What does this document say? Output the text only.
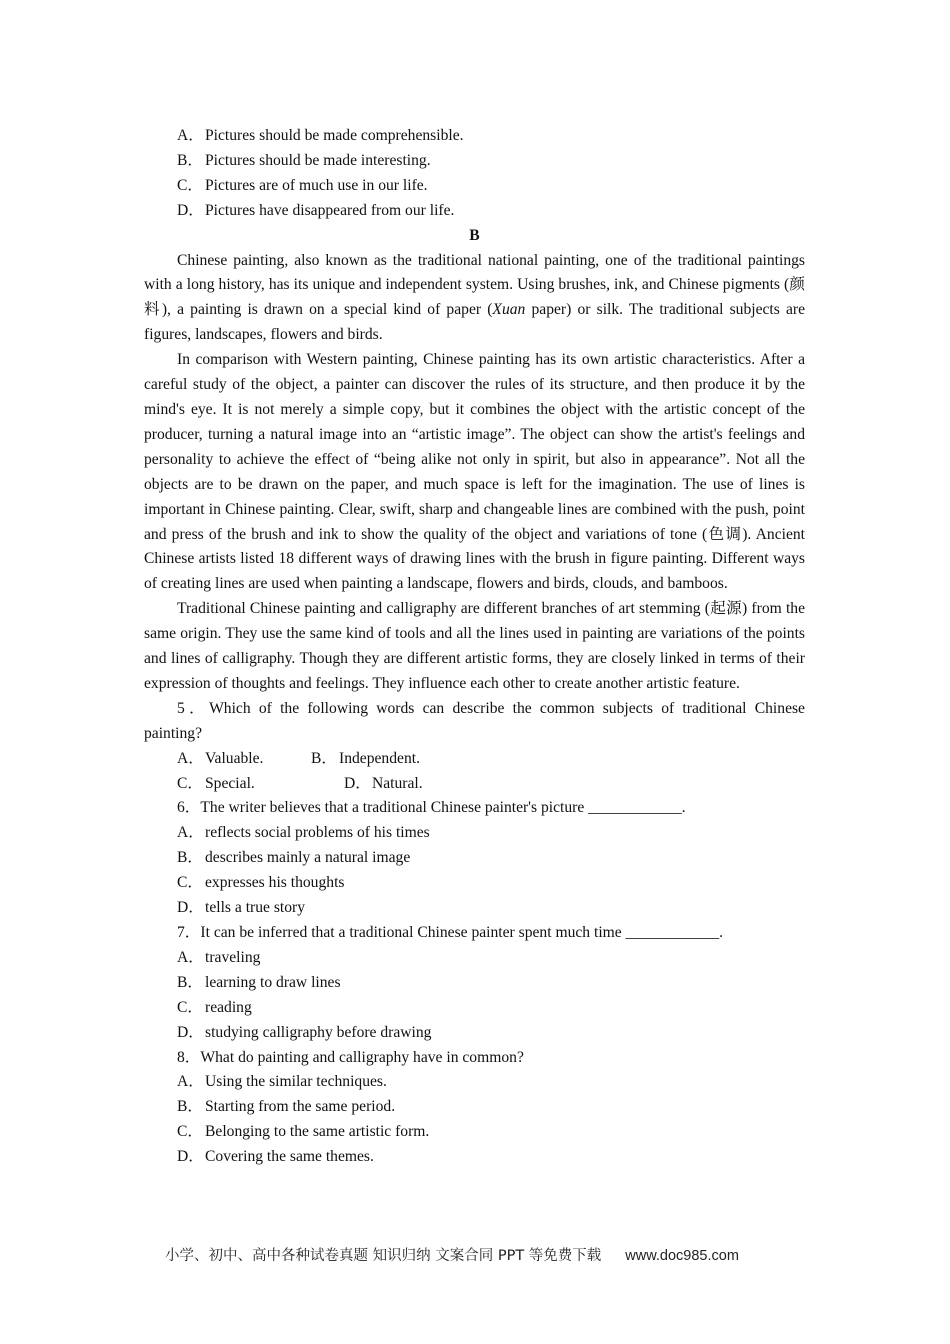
A．Pictures should be made comprehensible.
B． Pictures should be made interesting.
C． Pictures are of much use in our life.
D．Pictures have disappeared from our life.
B

Chinese painting, also known as the traditional national painting, one of the traditional paintings with a long history, has its unique and independent system. Using brushes, ink, and Chinese pigments (颜料), a painting is drawn on a special kind of paper (Xuan paper) or silk. The traditional subjects are figures, landscapes, flowers and birds.

In comparison with Western painting, Chinese painting has its own artistic characteristics. After a careful study of the object, a painter can discover the rules of its structure, and then produce it by the mind's eye. It is not merely a simple copy, but it combines the object with the artistic concept of the producer, turning a natural image into an “artistic image”. The object can show the artist's feelings and personality to achieve the effect of “being alike not only in spirit, but also in appearance”. Not all the objects are to be drawn on the paper, and much space is left for the imagination. The use of lines is important in Chinese painting. Clear, swift, sharp and changeable lines are combined with the push, point and press of the brush and ink to show the quality of the object and variations of tone (色调). Ancient Chinese artists listed 18 different ways of drawing lines with the brush in figure painting. Different ways of creating lines are used when painting a landscape, flowers and birds, clouds, and bamboos.

Traditional Chinese painting and calligraphy are different branches of art stemming (起源) from the same origin. They use the same kind of tools and all the lines used in painting are variations of the points and lines of calligraphy. Though they are different artistic forms, they are closely linked in terms of their expression of thoughts and feelings. They influence each other to create another artistic feature.

5．Which of the following words can describe the common subjects of traditional Chinese painting?

A．Valuable.	B． Independent.
C． Special.	D．Natural.
6．The writer believes that a traditional Chinese painter's picture ____________.
A．reflects social problems of his times
B． describes mainly a natural image
C． expresses his thoughts
D．tells a true story
7．It can be inferred that a traditional Chinese painter spent much time ____________.
A．traveling
B． learning to draw lines
C． reading
D．studying calligraphy before drawing
8．What do painting and calligraphy have in common?
A．Using the similar techniques.
B． Starting from the same period.
C． Belonging to the same artistic form.
D．Covering the same themes.
小学、初中、高中各种试卷真题 知识归纳 文案合同 PPT 等免费下载 www.doc985.com
